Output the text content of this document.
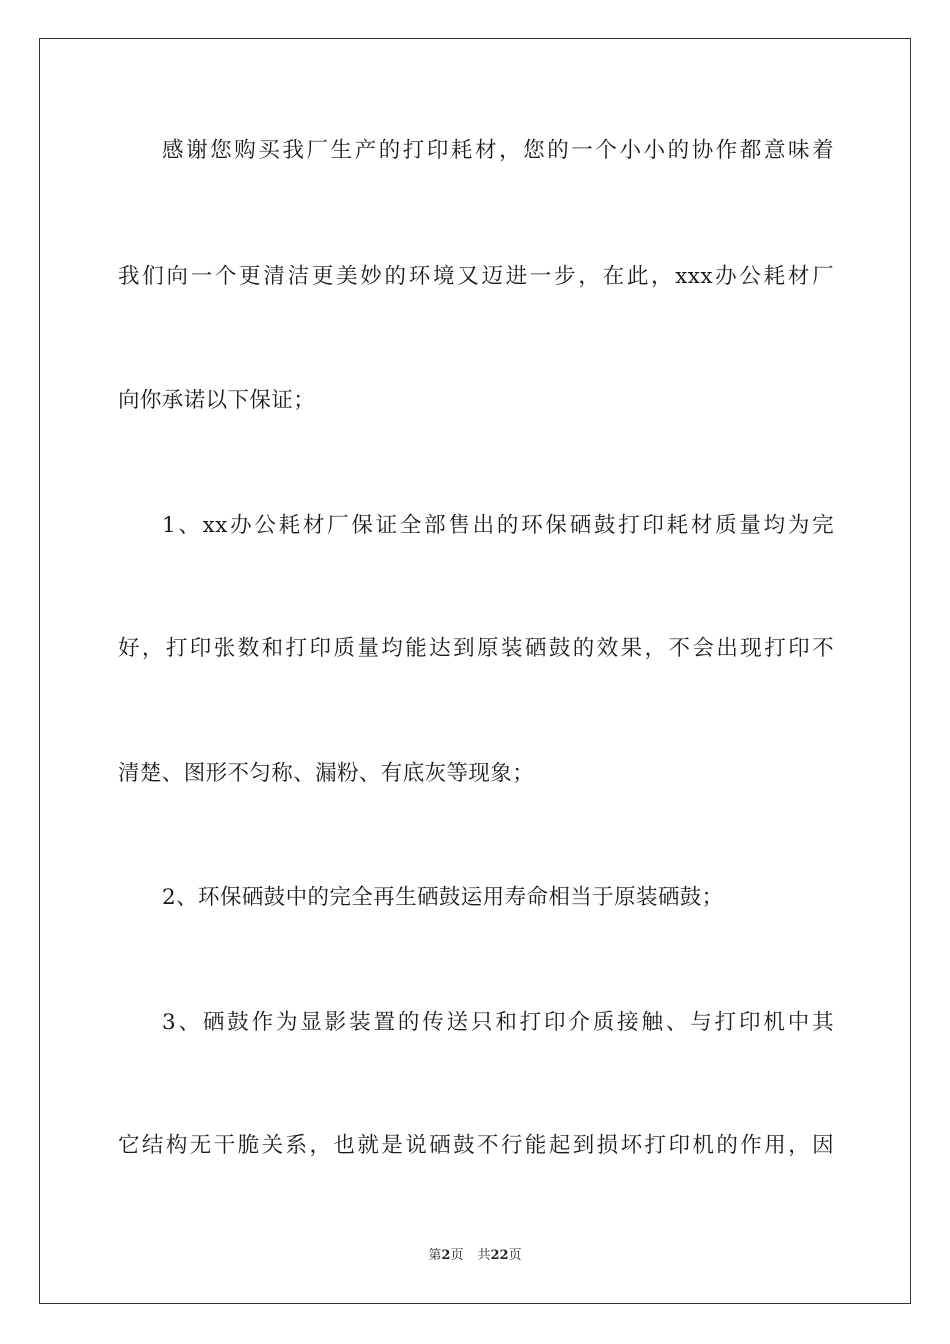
感谢您购买我厂生产的打印耗材，您的一个小小的协作都意味着
我们向一个更清洁更美妙的环境又迈进一步，在此，xxx办公耗材厂
向你承诺以下保证；
1、xx办公耗材厂保证全部售出的环保硒鼓打印耗材质量均为完
好，打印张数和打印质量均能达到原装硒鼓的效果，不会出现打印不
清楚、图形不匀称、漏粉、有底灰等现象；
2、环保硒鼓中的完全再生硒鼓运用寿命相当于原装硒鼓；
3、硒鼓作为显影装置的传送只和打印介质接触、与打印机中其
它结构无干脆关系，也就是说硒鼓不行能起到损坏打印机的作用，因
第2页 共22页
